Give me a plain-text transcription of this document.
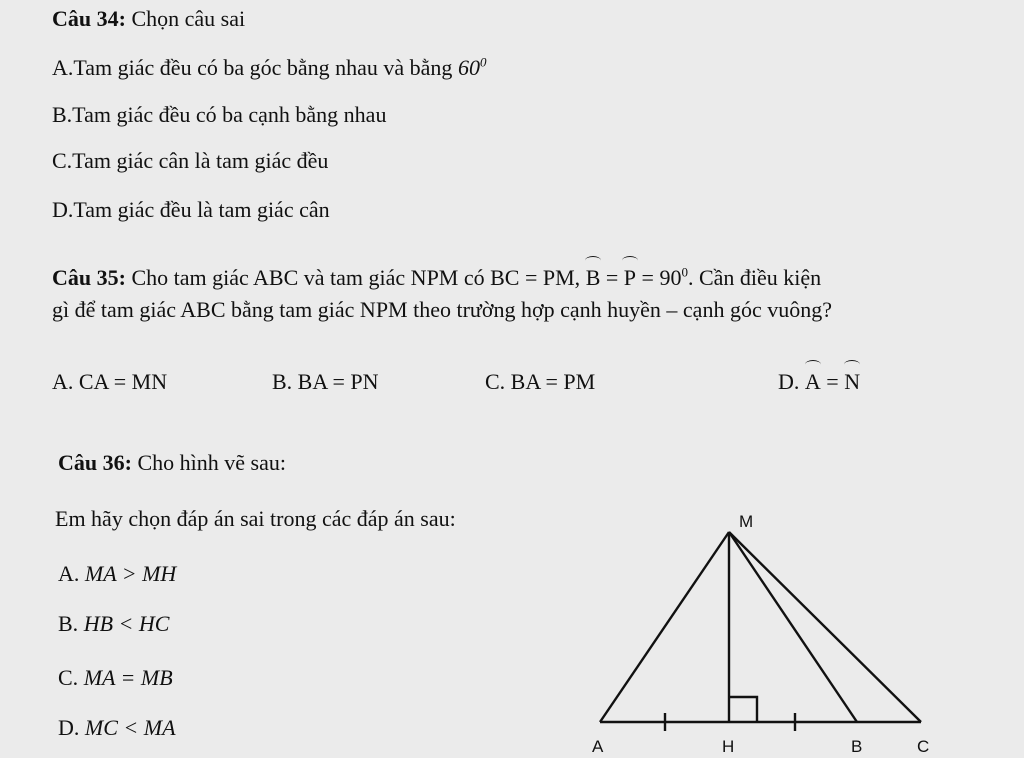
Câu 34: Chọn câu sai
A.Tam giác đều có ba góc bằng nhau và bằng $60^0$
B.Tam giác đều có ba cạnh bằng nhau
C.Tam giác cân là tam giác đều
D.Tam giác đều là tam giác cân
Câu 35: Cho tam giác ABC và tam giác NPM có BC = PM, $B = P = 90^0$. Cần điều kiện
gì để tam giác ABC bằng tam giác NPM theo trường hợp cạnh huyền – cạnh góc vuông?
A. CA = MN	B. BA = PN	C. BA = PM	D. A = N
Câu 36: Cho hình vẽ sau:
Em hãy chọn đáp án sai trong các đáp án sau:
A. MA > MH
B. HB < HC
C. MA = MB
D. MC < MA
M
A	H	B	C
